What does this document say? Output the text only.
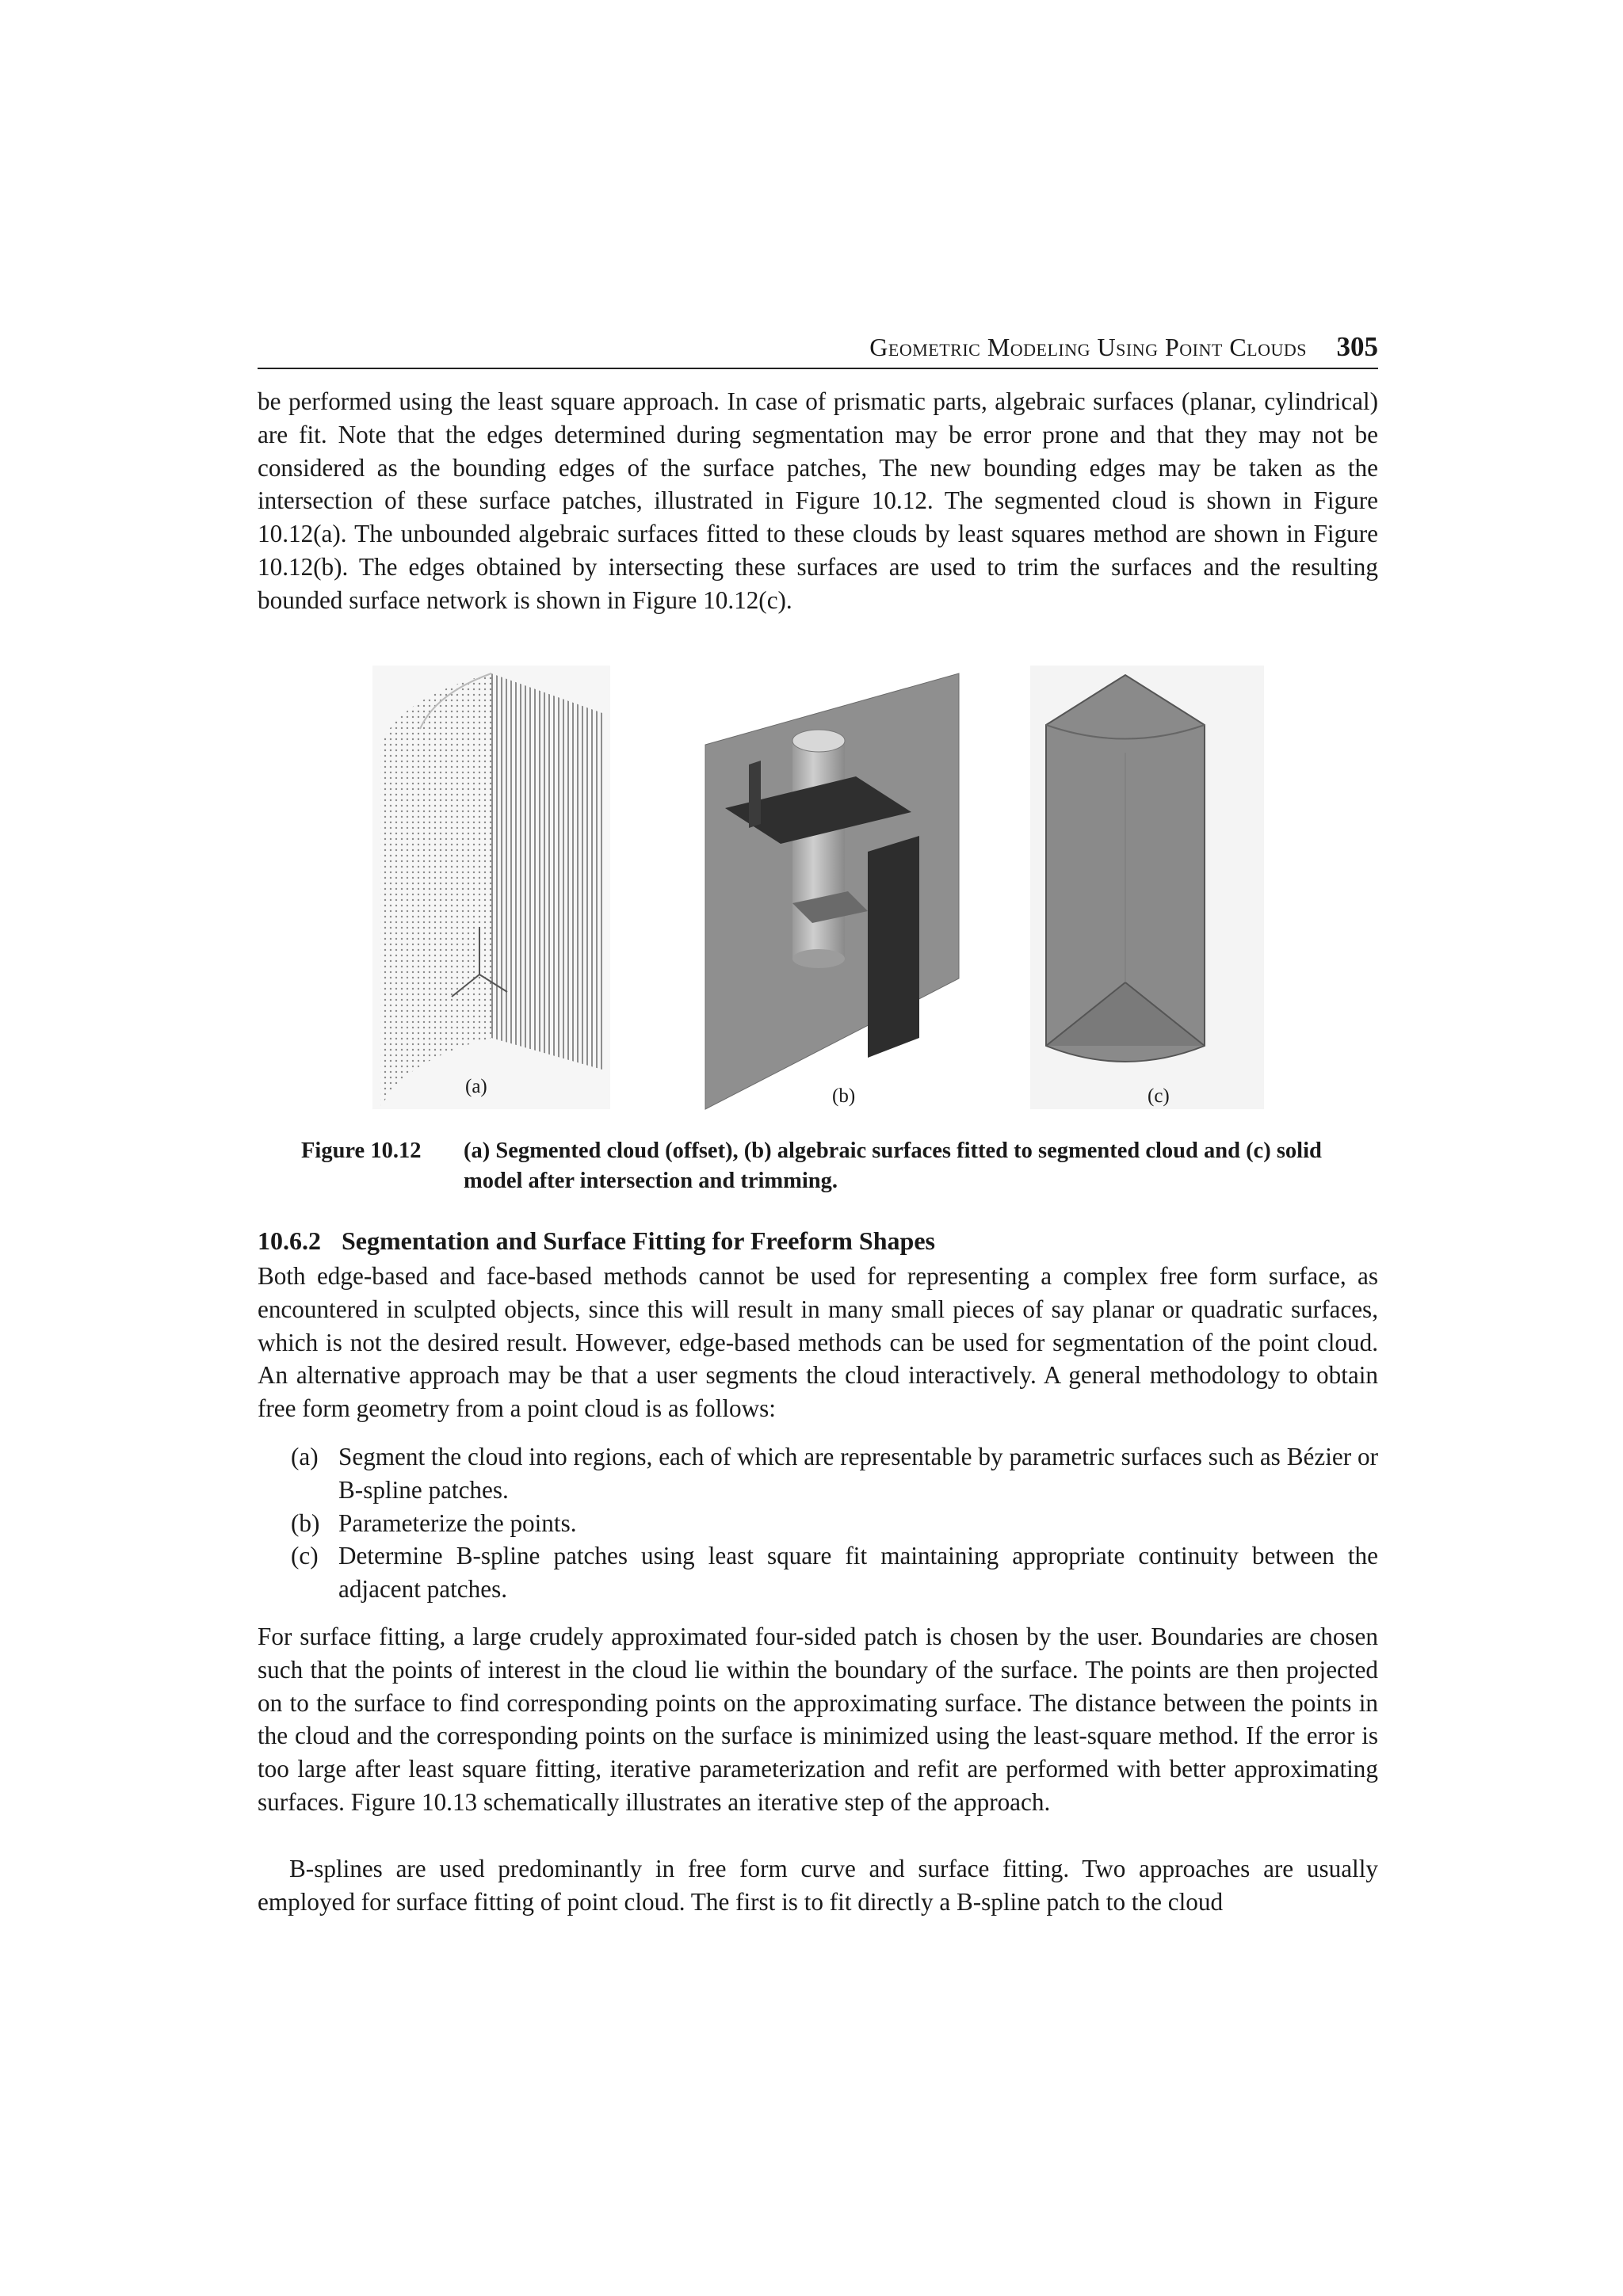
Geometric Modeling Using Point Clouds 305

be performed using the least square approach. In case of prismatic parts, algebraic surfaces (planar, cylindrical) are fit. Note that the edges determined during segmentation may be error prone and that they may not be considered as the bounding edges of the surface patches, The new bounding edges may be taken as the intersection of these surface patches, illustrated in Figure 10.12. The segmented cloud is shown in Figure 10.12(a). The unbounded algebraic surfaces fitted to these clouds by least squares method are shown in Figure 10.12(b). The edges obtained by intersecting these surfaces are used to trim the surfaces and the resulting bounded surface network is shown in Figure 10.12(c).

(a)	(b)	(c)
Figure 10.12 (a) Segmented cloud (offset), (b) algebraic surfaces fitted to segmented cloud and (c) solid model after intersection and trimming.
10.6.2 Segmentation and Surface Fitting for Freeform Shapes

Both edge-based and face-based methods cannot be used for representing a complex free form surface, as encountered in sculpted objects, since this will result in many small pieces of say planar or quadratic surfaces, which is not the desired result. However, edge-based methods can be used for segmentation of the point cloud. An alternative approach may be that a user segments the cloud interactively. A general methodology to obtain free form geometry from a point cloud is as follows:

(a) Segment the cloud into regions, each of which are representable by parametric surfaces such as Bézier or B-spline patches.
(b) Parameterize the points.
(c) Determine B-spline patches using least square fit maintaining appropriate continuity between the adjacent patches.

For surface fitting, a large crudely approximated four-sided patch is chosen by the user. Boundaries are chosen such that the points of interest in the cloud lie within the boundary of the surface. The points are then projected on to the surface to find corresponding points on the approximating surface. The distance between the points in the cloud and the corresponding points on the surface is minimized using the least-square method. If the error is too large after least square fitting, iterative parameterization and refit are performed with better approximating surfaces. Figure 10.13 schematically illustrates an iterative step of the approach.

B-splines are used predominantly in free form curve and surface fitting. Two approaches are usually employed for surface fitting of point cloud. The first is to fit directly a B-spline patch to the cloud
